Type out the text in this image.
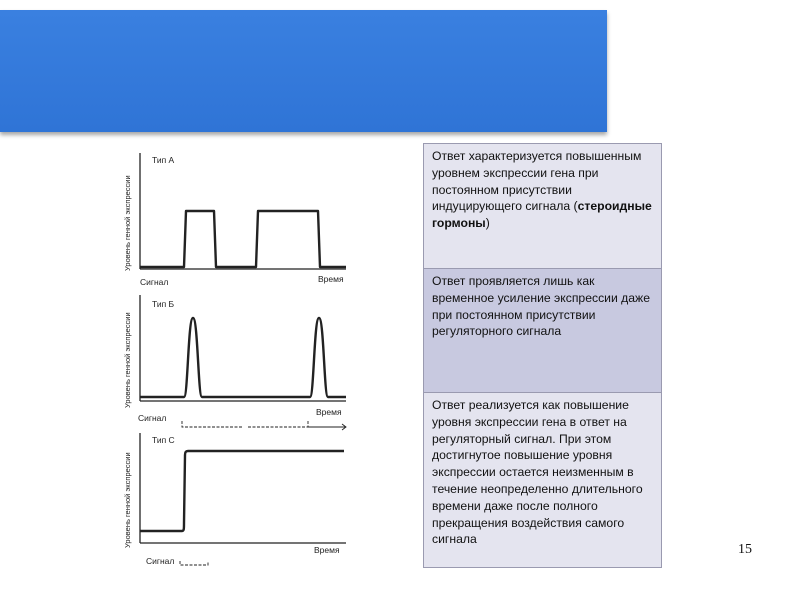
Уровень генной экспрессии
Тип А
Сигнал	Время
Уровень генной экспрессии
Тип Б
Сигнал
Время
Уровень генной экспрессии
Тип С
Сигнал
Время
Ответ характеризуется повышенным уровнем экспрессии гена при постоянном присутствии индуцирующего сигнала (стероидные гормоны)
Ответ проявляется лишь как временное усиление экспрессии даже при постоянном присутствии регуляторного сигнала
Ответ реализуется как повышение уровня экспрессии гена в ответ на регуляторный сигнал. При этом достигнутое повышение уровня экспрессии остается неизменным в течение неопределенно длительного времени даже после полного прекращения воздействия самого сигнала
15
